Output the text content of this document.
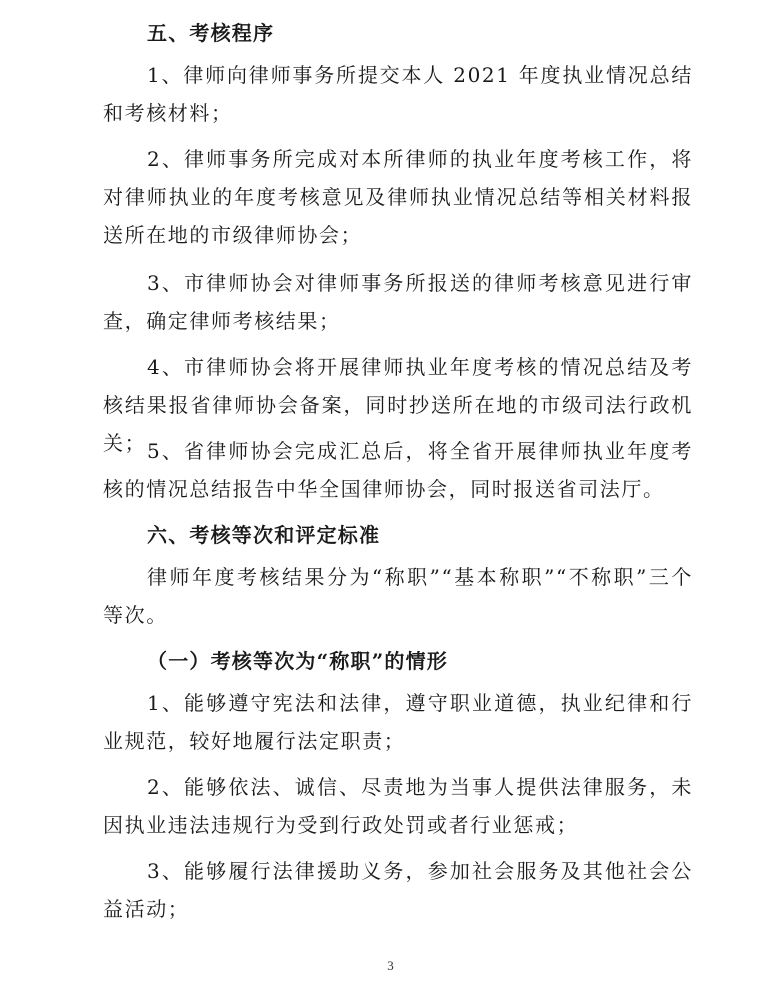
五、考核程序

1、律师向律师事务所提交本人 2021 年度执业情况总结和考核材料；

2、律师事务所完成对本所律师的执业年度考核工作，将对律师执业的年度考核意见及律师执业情况总结等相关材料报送所在地的市级律师协会；

3、市律师协会对律师事务所报送的律师考核意见进行审查，确定律师考核结果；

4、市律师协会将开展律师执业年度考核的情况总结及考核结果报省律师协会备案，同时抄送所在地的市级司法行政机关； 5、省律师协会完成汇总后，将全省开展律师执业年度考核的情况总结报告中华全国律师协会，同时报送省司法厅。

六、考核等次和评定标准

律师年度考核结果分为“称职”“基本称职”“不称职”三个等次。

（一）考核等次为“称职”的情形

1、能够遵守宪法和法律，遵守职业道德，执业纪律和行业规范，较好地履行法定职责；

2、能够依法、诚信、尽责地为当事人提供法律服务，未因执业违法违规行为受到行政处罚或者行业惩戒；

3、能够履行法律援助义务，参加社会服务及其他社会公益活动；

3
